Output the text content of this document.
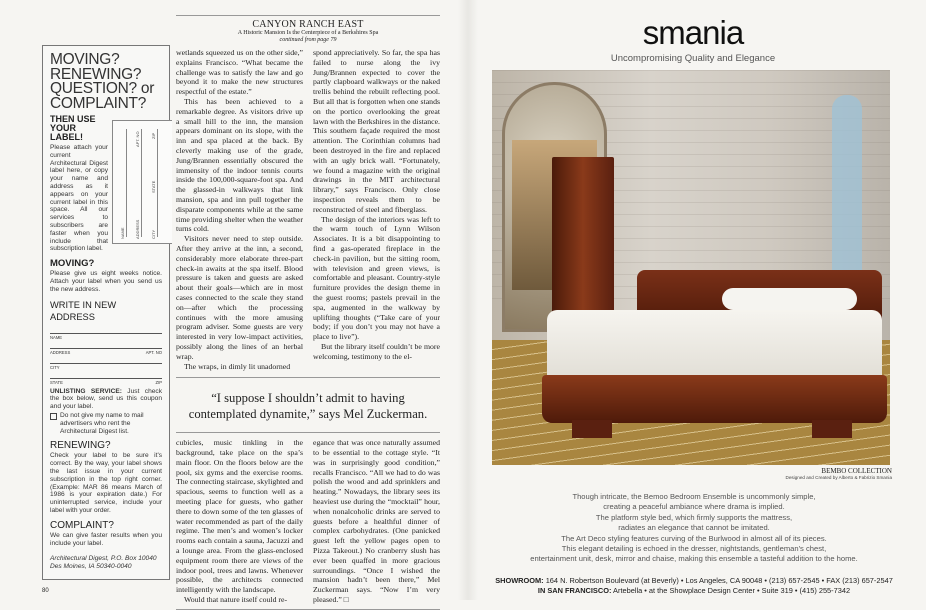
MOVING?
RENEWING?
QUESTION? or
COMPLAINT?
THEN USE
YOUR LABEL!
Please attach your current Architectural Digest label here, or copy your name and address as it appears on your current label in this space. All our services to subscribers are faster when you include that subscription label.
NAME	ADDRESS	CITY
APT. NO
STATE
ZIP
MOVING?
Please give us eight weeks notice. Attach your label when you send us the new address.
WRITE IN NEW ADDRESS
NAME
ADDRESS	APT. NO
CITY
STATE	ZIP
UNLISTING SERVICE: Just check the box below, send us this coupon and your label.
Do not give my name to mail advertisers who rent the Architectural Digest list.
RENEWING?
Check your label to be sure it's correct. By the way, your label shows the last issue in your current subscription in the top right corner. (Example: MAR 86 means March of 1986 is your expiration date.) For uninterrupted service, include your label with your order.
COMPLAINT?
We can give faster results when you include your label.
Architectural Digest, P.O. Box 10040
Des Moines, IA 50340-0040
CANYON RANCH EAST
A Historic Mansion Is the Centerpiece of a Berkshires Spa
continued from page 79

wetlands squeezed us on the other side,” explains Francisco. “What became the challenge was to satisfy the law and go beyond it to make the new structures respectful of the estate.”

This has been achieved to a remarkable degree. As visitors drive up a small hill to the inn, the mansion appears dominant on its slope, with the inn and spa placed at the back. By cleverly making use of the grade, Jung/Brannen essentially obscured the immensity of the indoor tennis courts inside the 100,000-square-foot spa. And the glassed-in walkways that link mansion, spa and inn pull together the disparate components while at the same time providing shelter when the weather turns cold.

Visitors never need to step outside. After they arrive at the inn, a second, considerably more elaborate three-part check-in awaits at the spa itself. Blood pressure is taken and guests are asked about their goals—which are in most cases connected to the scale they stand on—after which the processing continues with the more amusing program adviser. Some guests are very interested in very low-impact activities, possibly along the lines of an herbal wrap.

The wraps, in dimly lit unadorned

spond appreciatively. So far, the spa has failed to nurse along the ivy Jung/Brannen expected to cover the partly clapboard walkways or the naked trellis behind the rebuilt reflecting pool. But all that is forgotten when one stands on the portico overlooking the great lawn with the Berkshires in the distance. This southern façade required the most attention. The Corinthian columns had been destroyed in the fire and replaced with an ugly brick wall. “Fortunately, we found a magazine with the original drawings in the MIT architectural library,” says Francisco. Only close inspection reveals them to be reconstructed of steel and fiberglass.

The design of the interiors was left to the warm touch of Lynn Wilson Associates. It is a bit disappointing to find a gas-operated fireplace in the check-in pavilion, but the sitting room, with television and green views, is comfortable and pleasant. Country-style furniture provides the design theme in the guest rooms; pastels prevail in the spa, augmented in the walkway by uplifting thoughts (“Take care of your body; if you don’t you may not have a place to live”).

But the library itself couldn’t be more welcoming, testimony to the el-

“I suppose I shouldn’t admit to having contemplated dynamite,” says Mel Zuckerman.

cubicles, music tinkling in the background, take place on the spa’s main floor. On the floors below are the pool, six gyms and the exercise rooms. The connecting staircase, skylighted and spacious, seems to function well as a meeting place for guests, who gather there to down some of the ten glasses of water recommended as part of the daily regime. The men’s and women’s locker rooms each contain a sauna, Jacuzzi and a lounge area. From the glass-enclosed equipment room there are views of the indoor pool, trees and lawns. Whenever possible, the architects connected intelligently with the landscape.

Would that nature itself could re-

egance that was once naturally assumed to be essential to the cottage style. “It was in surprisingly good condition,” recalls Francisco. “All we had to do was polish the wood and add sprinklers and heating.” Nowadays, the library sees its heaviest use during the “mocktail” hour, when nonalcoholic drinks are served to guests before a healthful dinner of complex carbohydrates. (One panicked guest left the yellow pages open to Pizza Takeout.) No cranberry slush has ever been quaffed in more gracious surroundings. “Once I wished the mansion hadn’t been there,” Mel Zuckerman says. “Now I’m very pleased.” □

80
smania
Uncompromising Quality and Elegance
BEMBO COLLECTION
Designed and Created by Alberto & Fabrizio Smania
Though intricate, the Bemoo Bedroom Ensemble is uncommonly simple,
creating a peaceful ambiance where drama is implied.
The platform style bed, which firmly supports the mattress,
radiates an elegance that cannot be imitated.
The Art Deco styling features curving of the Burlwood in almost all of its pieces.
This elegant detailing is echoed in the dresser, nightstands, gentleman's chest,
entertainment unit, desk, mirror and chaise, making this ensemble a tasteful addition to the home.
SHOWROOM: 164 N. Robertson Boulevard (at Beverly) • Los Angeles, CA 90048 • (213) 657-2545 • FAX (213) 657-2547
IN SAN FRANCISCO: Artebella • at the Showplace Design Center • Suite 319 • (415) 255-7342
